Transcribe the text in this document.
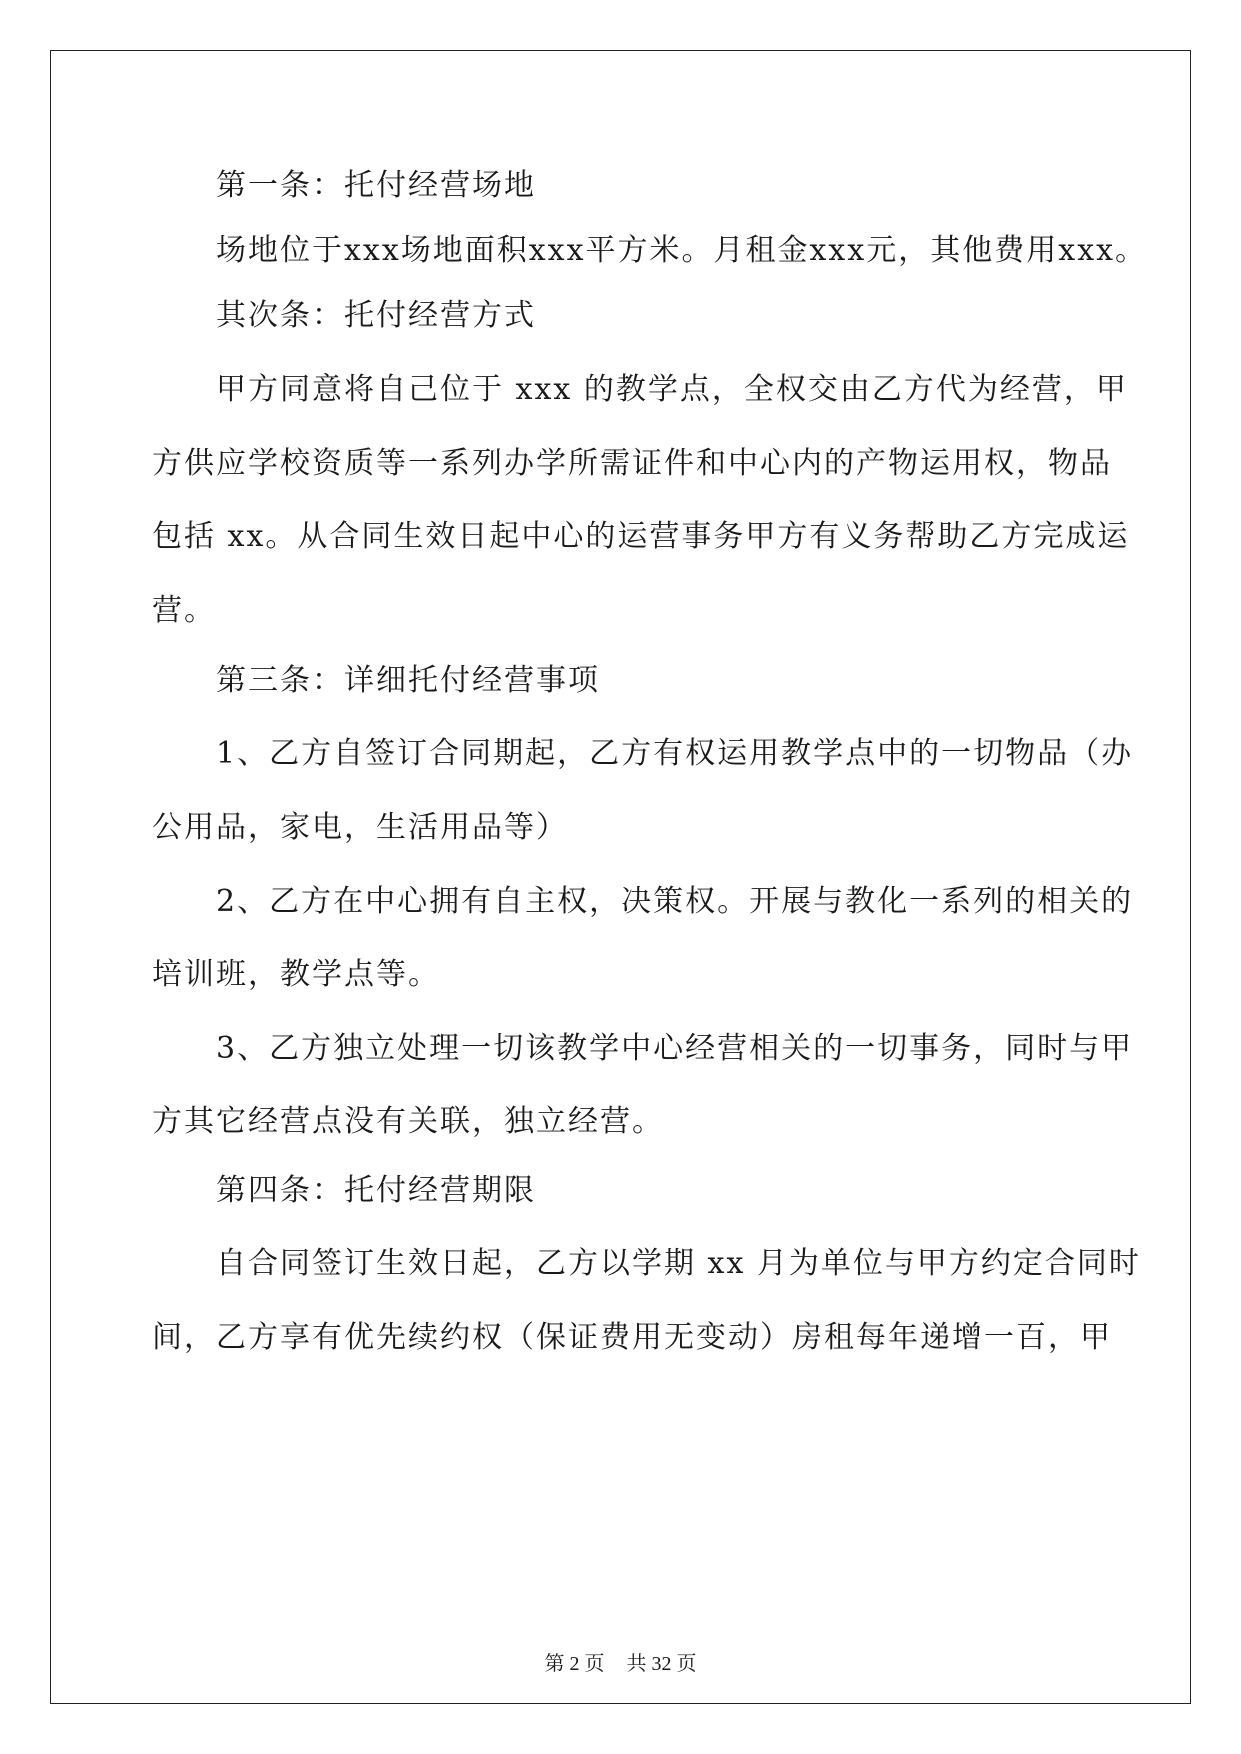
第一条：托付经营场地
场地位于xxx场地面积xxx平方米。月租金xxx元，其他费用xxx。
其次条：托付经营方式
甲方同意将自己位于 xxx 的教学点，全权交由乙方代为经营，甲
方供应学校资质等一系列办学所需证件和中心内的产物运用权，物品
包括 xx。从合同生效日起中心的运营事务甲方有义务帮助乙方完成运
营。
第三条：详细托付经营事项
1、乙方自签订合同期起，乙方有权运用教学点中的一切物品（办
公用品，家电，生活用品等）
2、乙方在中心拥有自主权，决策权。开展与教化一系列的相关的
培训班，教学点等。
3、乙方独立处理一切该教学中心经营相关的一切事务，同时与甲
方其它经营点没有关联，独立经营。
第四条：托付经营期限
自合同签订生效日起，乙方以学期 xx 月为单位与甲方约定合同时
间，乙方享有优先续约权（保证费用无变动）房租每年递增一百，甲
第 2 页 共 32 页
